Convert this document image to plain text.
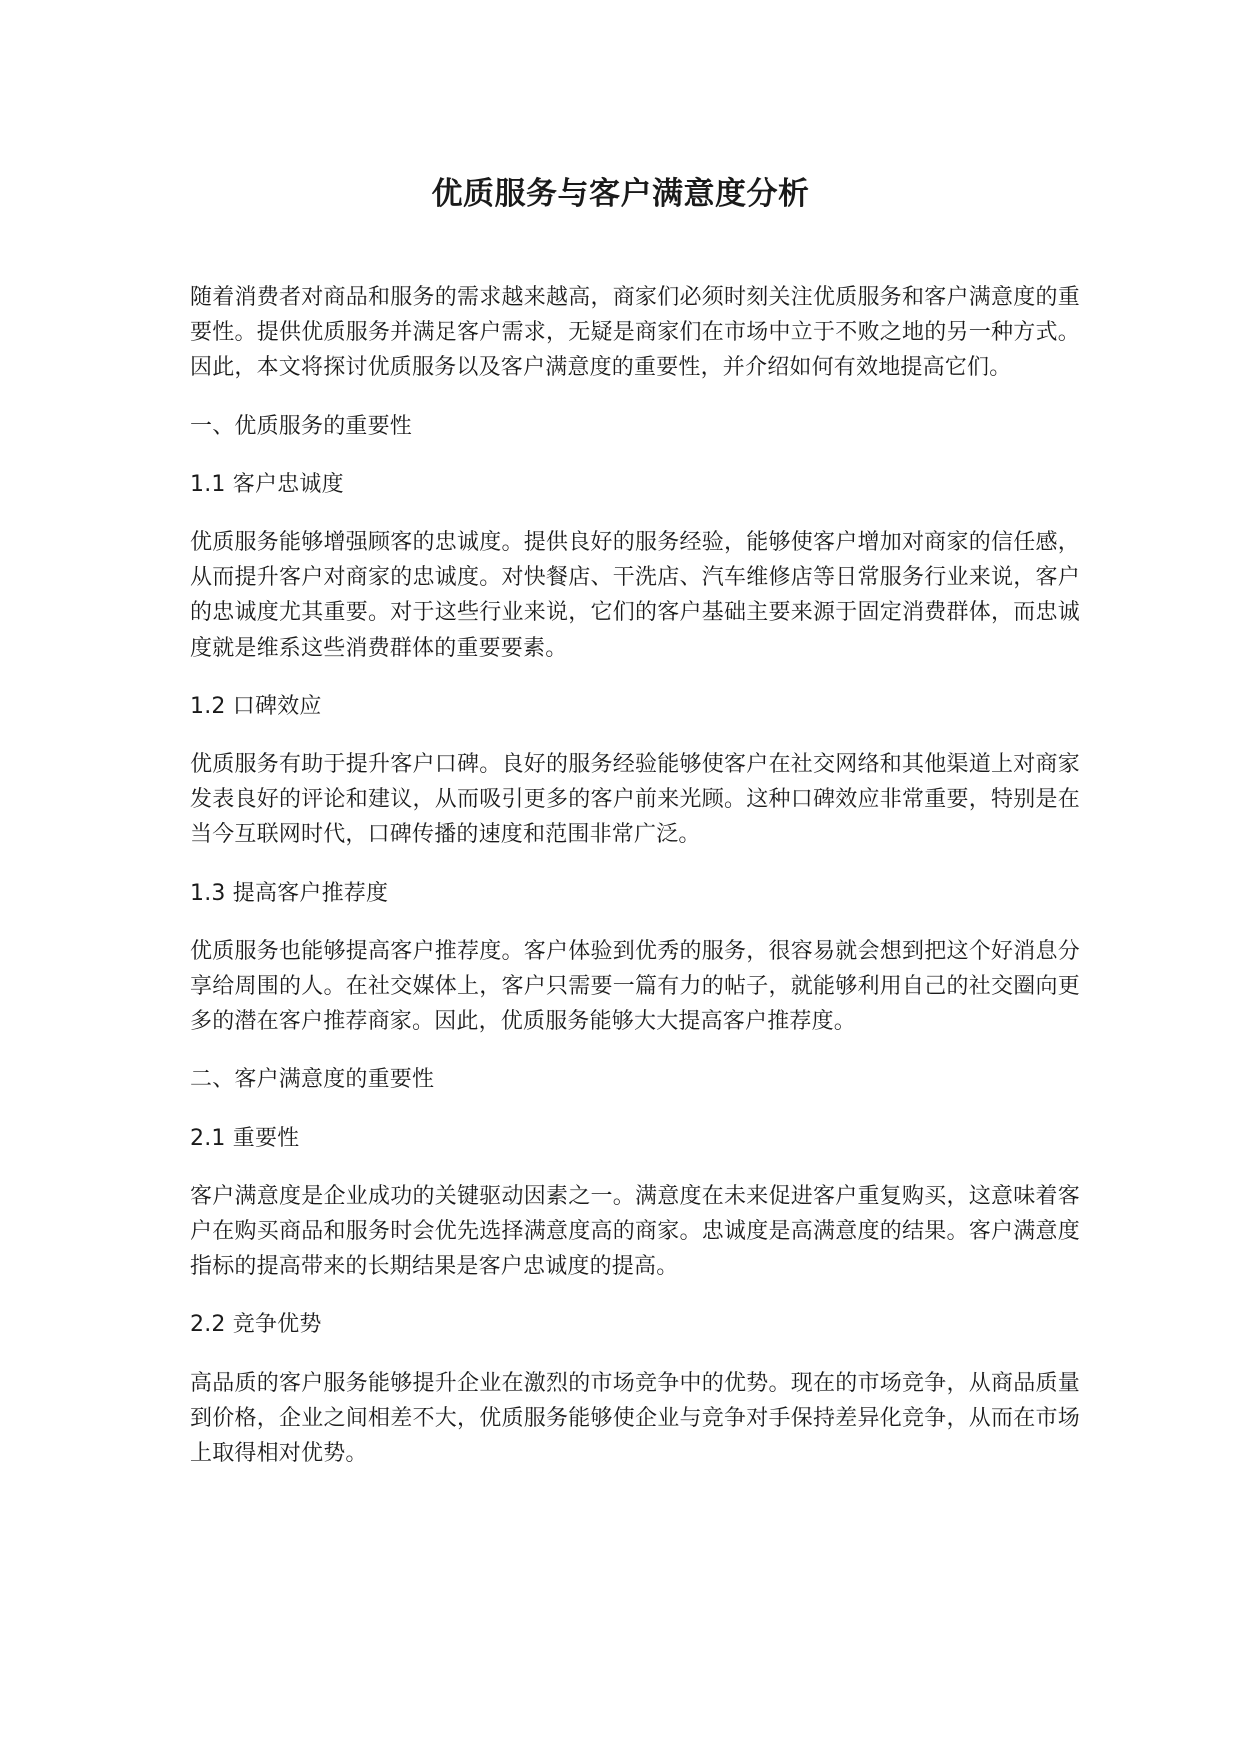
优质服务与客户满意度分析

随着消费者对商品和服务的需求越来越高，商家们必须时刻关注优质服务和客户满意度的重要性。提供优质服务并满足客户需求，无疑是商家们在市场中立于不败之地的另一种方式。因此，本文将探讨优质服务以及客户满意度的重要性，并介绍如何有效地提高它们。

一、优质服务的重要性

1.1 客户忠诚度

优质服务能够增强顾客的忠诚度。提供良好的服务经验，能够使客户增加对商家的信任感，从而提升客户对商家的忠诚度。对快餐店、干洗店、汽车维修店等日常服务行业来说，客户的忠诚度尤其重要。对于这些行业来说，它们的客户基础主要来源于固定消费群体，而忠诚度就是维系这些消费群体的重要要素。

1.2 口碑效应

优质服务有助于提升客户口碑。良好的服务经验能够使客户在社交网络和其他渠道上对商家发表良好的评论和建议，从而吸引更多的客户前来光顾。这种口碑效应非常重要，特别是在当今互联网时代，口碑传播的速度和范围非常广泛。

1.3 提高客户推荐度

优质服务也能够提高客户推荐度。客户体验到优秀的服务，很容易就会想到把这个好消息分享给周围的人。在社交媒体上，客户只需要一篇有力的帖子，就能够利用自己的社交圈向更多的潜在客户推荐商家。因此，优质服务能够大大提高客户推荐度。

二、客户满意度的重要性

2.1 重要性

客户满意度是企业成功的关键驱动因素之一。满意度在未来促进客户重复购买，这意味着客户在购买商品和服务时会优先选择满意度高的商家。忠诚度是高满意度的结果。客户满意度指标的提高带来的长期结果是客户忠诚度的提高。

2.2 竞争优势

高品质的客户服务能够提升企业在激烈的市场竞争中的优势。现在的市场竞争，从商品质量到价格，企业之间相差不大，优质服务能够使企业与竞争对手保持差异化竞争，从而在市场上取得相对优势。
